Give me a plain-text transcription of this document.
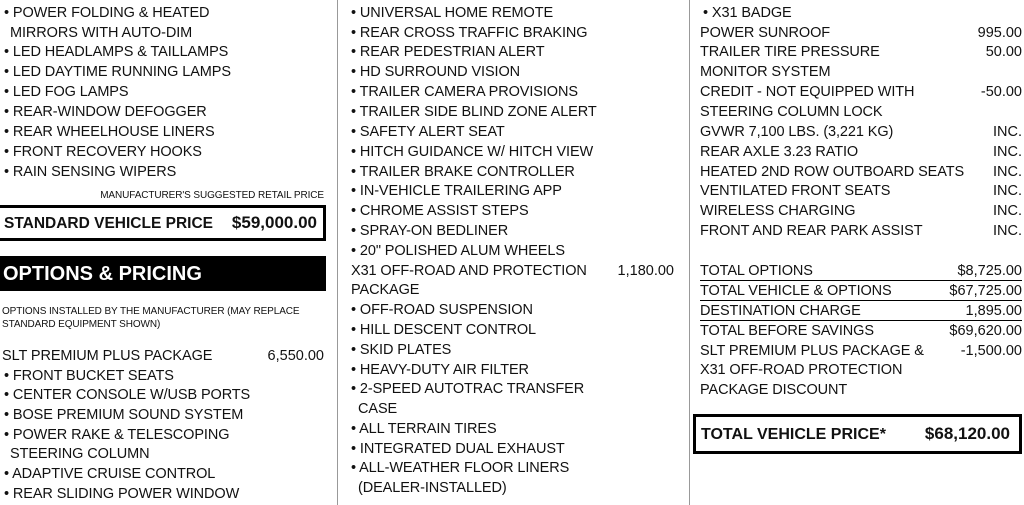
• POWER FOLDING & HEATED
MIRRORS WITH AUTO-DIM
• LED HEADLAMPS & TAILLAMPS
• LED DAYTIME RUNNING LAMPS
• LED FOG LAMPS
• REAR-WINDOW DEFOGGER
• REAR WHEELHOUSE LINERS
• FRONT RECOVERY HOOKS
• RAIN SENSING WIPERS
MANUFACTURER'S SUGGESTED RETAIL PRICE
STANDARD VEHICLE PRICE $59,000.00
OPTIONS & PRICING
OPTIONS INSTALLED BY THE MANUFACTURER (MAY REPLACE
STANDARD EQUIPMENT SHOWN)
SLT PREMIUM PLUS PACKAGE	6,550.00
• FRONT BUCKET SEATS
• CENTER CONSOLE W/USB PORTS
• BOSE PREMIUM SOUND SYSTEM
• POWER RAKE & TELESCOPING
STEERING COLUMN
• ADAPTIVE CRUISE CONTROL
• REAR SLIDING POWER WINDOW
• UNIVERSAL HOME REMOTE
• REAR CROSS TRAFFIC BRAKING
• REAR PEDESTRIAN ALERT
• HD SURROUND VISION
• TRAILER CAMERA PROVISIONS
• TRAILER SIDE BLIND ZONE ALERT
• SAFETY ALERT SEAT
• HITCH GUIDANCE W/ HITCH VIEW
• TRAILER BRAKE CONTROLLER
• IN-VEHICLE TRAILERING APP
• CHROME ASSIST STEPS
• SPRAY-ON BEDLINER
• 20" POLISHED ALUM WHEELS
X31 OFF-ROAD AND PROTECTION 1,180.00
PACKAGE
• OFF-ROAD SUSPENSION
• HILL DESCENT CONTROL
• SKID PLATES
• HEAVY-DUTY AIR FILTER
• 2-SPEED AUTOTRAC TRANSFER
CASE
• ALL TERRAIN TIRES
• INTEGRATED DUAL EXHAUST
• ALL-WEATHER FLOOR LINERS
(DEALER-INSTALLED)
• X31 BADGE
POWER SUNROOF	995.00
TRAILER TIRE PRESSURE	50.00
MONITOR SYSTEM
CREDIT - NOT EQUIPPED WITH	-50.00
STEERING COLUMN LOCK
GVWR 7,100 LBS. (3,221 KG)	INC.
REAR AXLE 3.23 RATIO	INC.
HEATED 2ND ROW OUTBOARD SEATS INC.
VENTILATED FRONT SEATS	INC.
WIRELESS CHARGING	INC.
FRONT AND REAR PARK ASSIST	INC.
TOTAL OPTIONS	$8,725.00
TOTAL VEHICLE & OPTIONS	$67,725.00
DESTINATION CHARGE	1,895.00
TOTAL BEFORE SAVINGS	$69,620.00
SLT PREMIUM PLUS PACKAGE &	-1,500.00
X31 OFF-ROAD PROTECTION
PACKAGE DISCOUNT
TOTAL VEHICLE PRICE* $68,120.00
